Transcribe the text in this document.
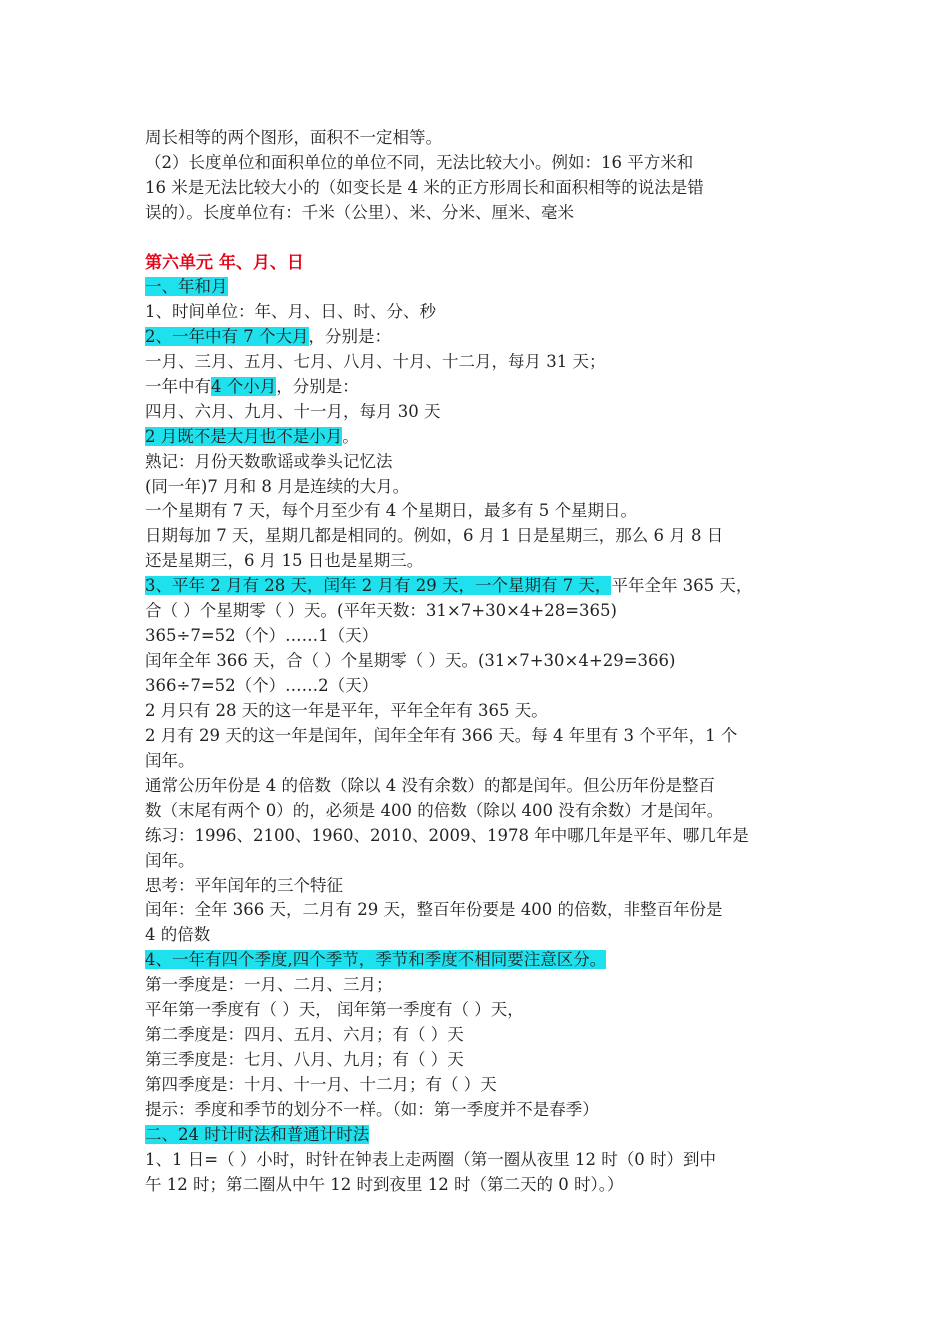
周长相等的两个图形，面积不一定相等。
（2）长度单位和面积单位的单位不同，无法比较大小。例如：16 平方米和
16 米是无法比较大小的（如变长是 4 米的正方形周长和面积相等的说法是错
误的）。长度单位有：千米（公里）、米、分米、厘米、毫米
第六单元 年、月、日
一、年和月
1、时间单位：年、月、日、时、分、秒
2、一年中有 7 个大月，分别是：
一月、三月、五月、七月、八月、十月、十二月，每月 31 天；
一年中有4 个小月，分别是：
四月、六月、九月、十一月，每月 30 天
2 月既不是大月也不是小月。
熟记：月份天数歌谣或拳头记忆法
(同一年)7 月和 8 月是连续的大月。
一个星期有 7 天，每个月至少有 4 个星期日，最多有 5 个星期日。
日期每加 7 天，星期几都是相同的。例如，6 月 1 日是星期三，那么 6 月 8 日
还是星期三，6 月 15 日也是星期三。
3、平年 2 月有 28 天，闰年 2 月有 29 天，一个星期有 7 天，平年全年 365 天，
合（ ）个星期零（ ）天。(平年天数：31×7+30×4+28=365)
365÷7=52（个）……1（天）
闰年全年 366 天，合（ ）个星期零（ ）天。(31×7+30×4+29=366)
366÷7=52（个）……2（天）
2 月只有 28 天的这一年是平年，平年全年有 365 天。
2 月有 29 天的这一年是闰年，闰年全年有 366 天。每 4 年里有 3 个平年，1 个
闰年。
通常公历年份是 4 的倍数（除以 4 没有余数）的都是闰年。但公历年份是整百
数（末尾有两个 0）的，必须是 400 的倍数（除以 400 没有余数）才是闰年。
练习：1996、2100、1960、2010、2009、1978 年中哪几年是平年、哪几年是
闰年。
思考：平年闰年的三个特征
闰年：全年 366 天，二月有 29 天，整百年份要是 400 的倍数，非整百年份是
4 的倍数
4、一年有四个季度,四个季节，季节和季度不相同要注意区分。
第一季度是：一月、二月、三月；
平年第一季度有（ ）天， 闰年第一季度有（ ）天，
第二季度是：四月、五月、六月；有（ ）天
第三季度是：七月、八月、九月；有（ ）天
第四季度是：十月、十一月、十二月；有（ ）天
提示：季度和季节的划分不一样。（如：第一季度并不是春季）
二、24 时计时法和普通计时法
1、1 日=（ ）小时，时针在钟表上走两圈（第一圈从夜里 12 时（0 时）到中
午 12 时；第二圈从中午 12 时到夜里 12 时（第二天的 0 时）。）
